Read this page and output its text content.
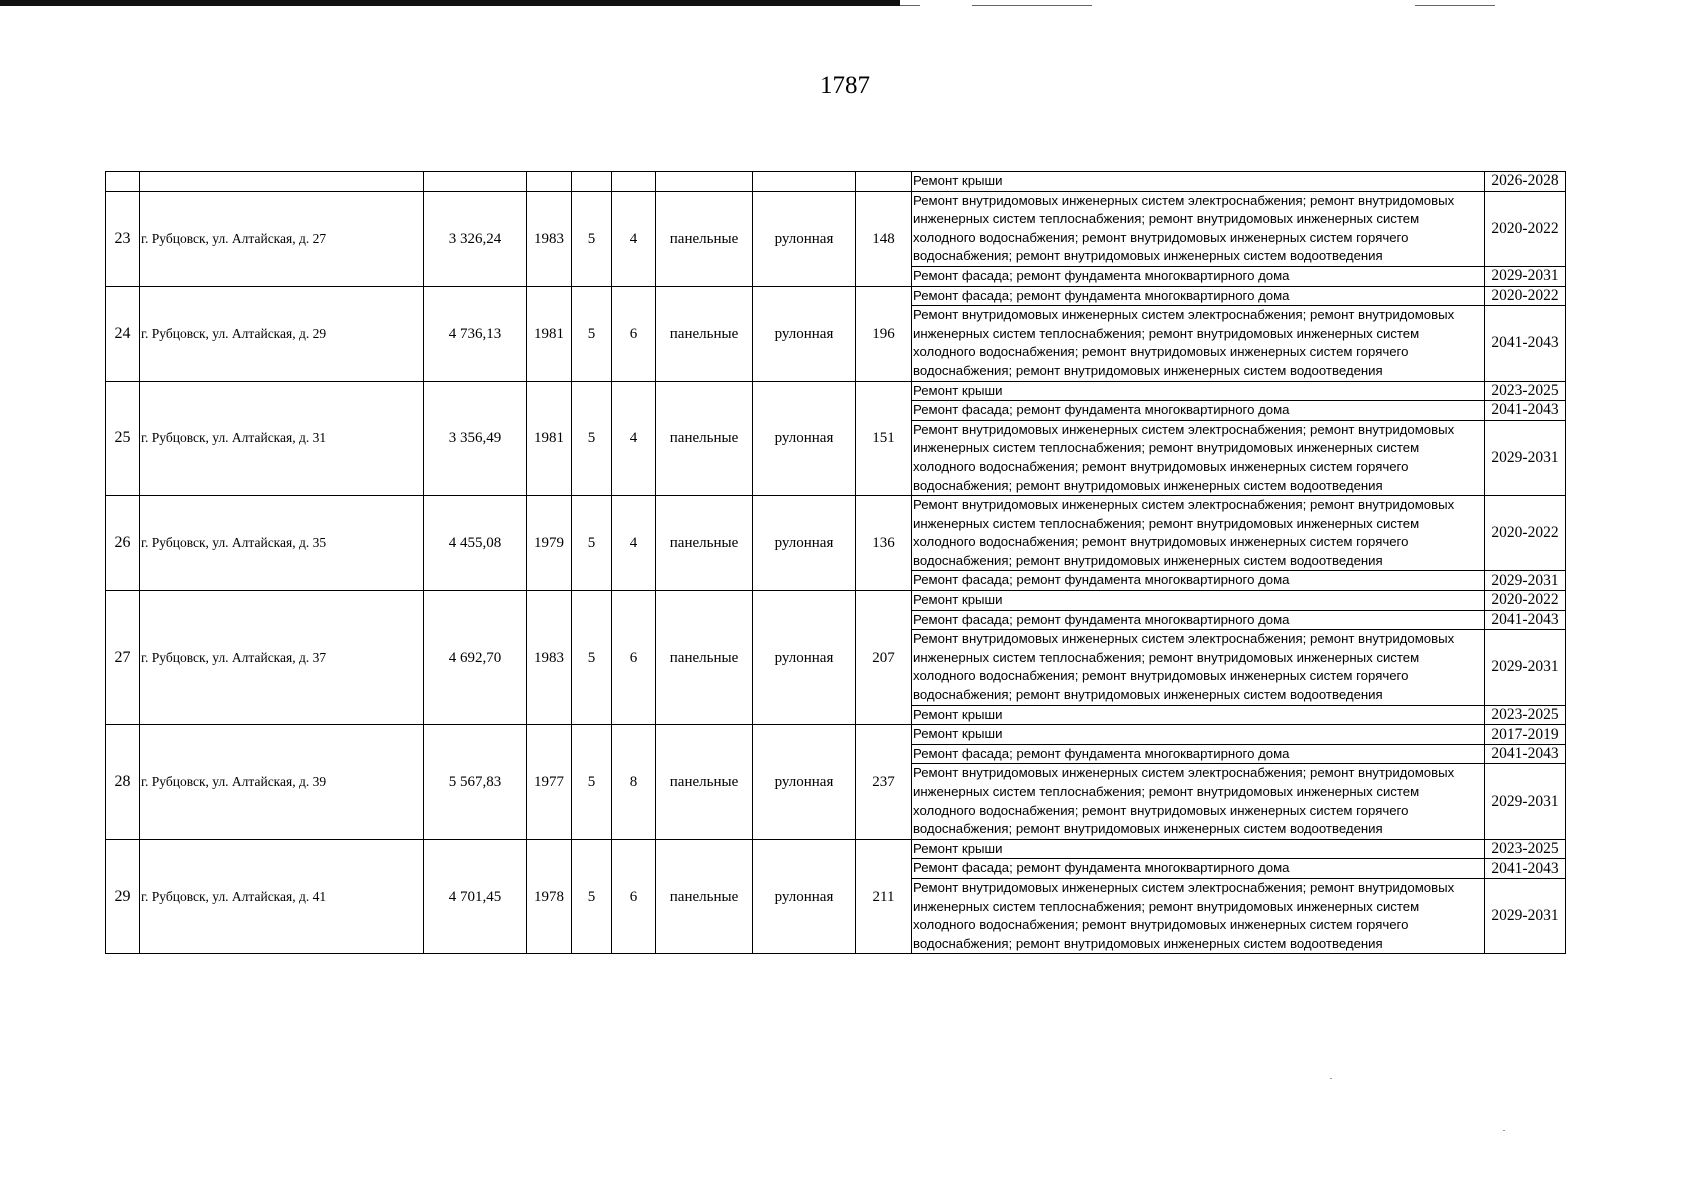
1787
									Ремонт крыши	2026-2028
23	г. Рубцовск, ул. Алтайская, д. 27	3 326,24	1983	5	4	панельные	рулонная	148	Ремонт внутридомовых инженерных систем электроснабжения; ремонт внутридомовых инженерных систем теплоснабжения; ремонт внутридомовых инженерных систем холодного водоснабжения; ремонт внутридомовых инженерных систем горячего водоснабжения; ремонт внутридомовых инженерных систем водоотведения	2020-2022
									Ремонт фасада; ремонт фундамента многоквартирного дома	2029-2031
24	г. Рубцовск, ул. Алтайская, д. 29	4 736,13	1981	5	6	панельные	рулонная	196	Ремонт фасада; ремонт фундамента многоквартирного дома	2020-2022
									Ремонт внутридомовых инженерных систем электроснабжения; ремонт внутридомовых инженерных систем теплоснабжения; ремонт внутридомовых инженерных систем холодного водоснабжения; ремонт внутридомовых инженерных систем горячего водоснабжения; ремонт внутридомовых инженерных систем водоотведения	2041-2043
25	г. Рубцовск, ул. Алтайская, д. 31	3 356,49	1981	5	4	панельные	рулонная	151	Ремонт крыши	2023-2025
									Ремонт фасада; ремонт фундамента многоквартирного дома	2041-2043
									Ремонт внутридомовых инженерных систем электроснабжения; ремонт внутридомовых инженерных систем теплоснабжения; ремонт внутридомовых инженерных систем холодного водоснабжения; ремонт внутридомовых инженерных систем горячего водоснабжения; ремонт внутридомовых инженерных систем водоотведения	2029-2031
26	г. Рубцовск, ул. Алтайская, д. 35	4 455,08	1979	5	4	панельные	рулонная	136	Ремонт внутридомовых инженерных систем электроснабжения; ремонт внутридомовых инженерных систем теплоснабжения; ремонт внутридомовых инженерных систем холодного водоснабжения; ремонт внутридомовых инженерных систем горячего водоснабжения; ремонт внутридомовых инженерных систем водоотведения	2020-2022
									Ремонт фасада; ремонт фундамента многоквартирного дома	2029-2031
27	г. Рубцовск, ул. Алтайская, д. 37	4 692,70	1983	5	6	панельные	рулонная	207	Ремонт крыши	2020-2022
									Ремонт фасада; ремонт фундамента многоквартирного дома	2041-2043
									Ремонт внутридомовых инженерных систем электроснабжения; ремонт внутридомовых инженерных систем теплоснабжения; ремонт внутридомовых инженерных систем холодного водоснабжения; ремонт внутридомовых инженерных систем горячего водоснабжения; ремонт внутридомовых инженерных систем водоотведения	2029-2031
									Ремонт крыши	2023-2025
28	г. Рубцовск, ул. Алтайская, д. 39	5 567,83	1977	5	8	панельные	рулонная	237	Ремонт крыши	2017-2019
									Ремонт фасада; ремонт фундамента многоквартирного дома	2041-2043
									Ремонт внутридомовых инженерных систем электроснабжения; ремонт внутридомовых инженерных систем теплоснабжения; ремонт внутридомовых инженерных систем холодного водоснабжения; ремонт внутридомовых инженерных систем горячего водоснабжения; ремонт внутридомовых инженерных систем водоотведения	2029-2031
29	г. Рубцовск, ул. Алтайская, д. 41	4 701,45	1978	5	6	панельные	рулонная	211	Ремонт крыши	2023-2025
									Ремонт фасада; ремонт фундамента многоквартирного дома	2041-2043
									Ремонт внутридомовых инженерных систем электроснабжения; ремонт внутридомовых инженерных систем теплоснабжения; ремонт внутридомовых инженерных систем холодного водоснабжения; ремонт внутридомовых инженерных систем горячего водоснабжения; ремонт внутридомовых инженерных систем водоотведения	2029-2031
